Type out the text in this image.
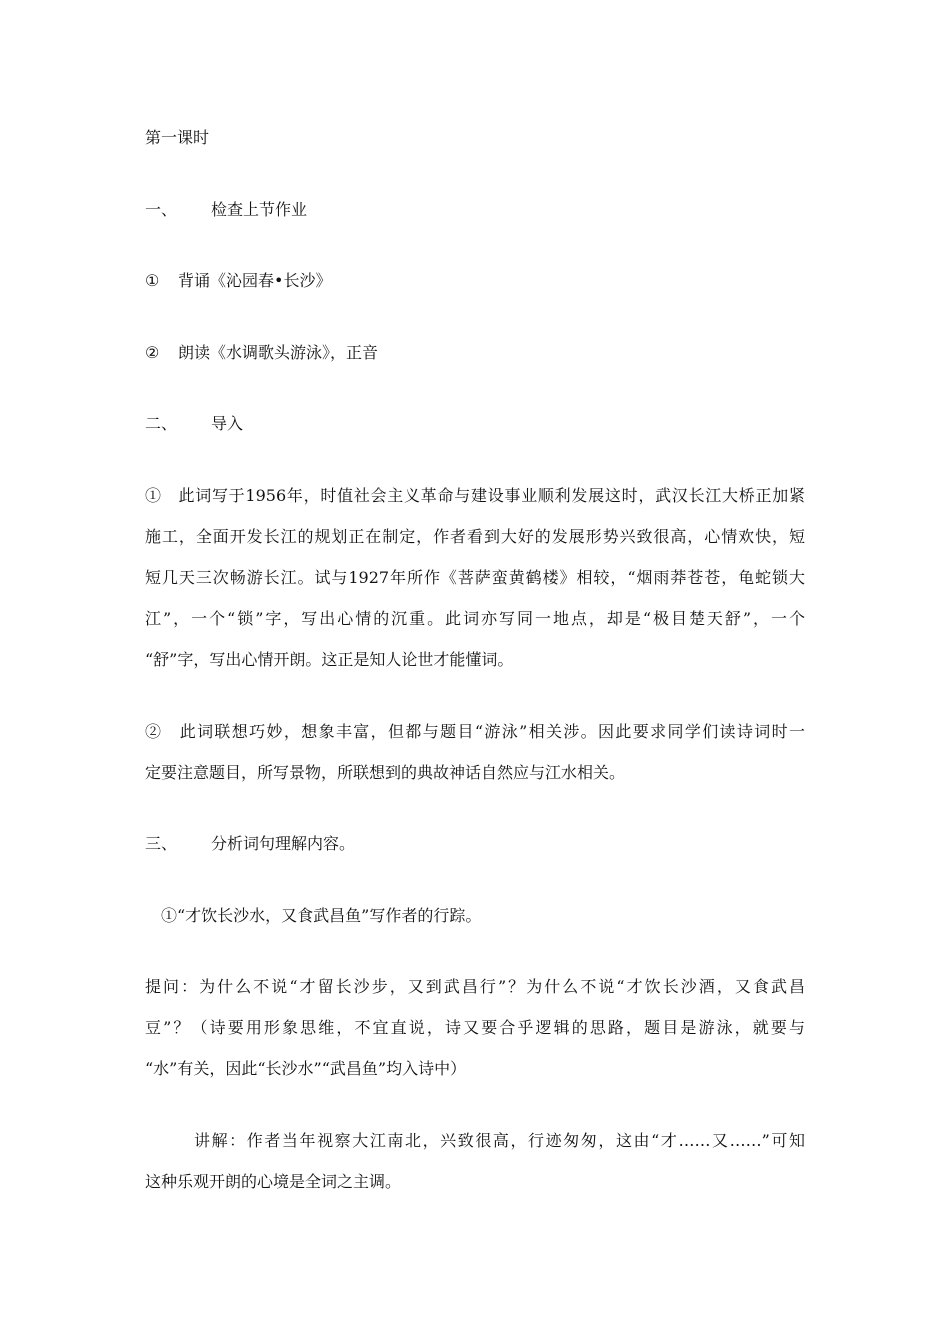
第一课时
一、 检查上节作业
① 背诵《沁园春•长沙》
② 朗读《水调歌头游泳》，正音
二、 导入
①　此词写于1956年，时值社会主义革命与建设事业顺利发展这时，武汉长江大桥正加紧
施工，全面开发长江的规划正在制定，作者看到大好的发展形势兴致很高，心情欢快，短
短几天三次畅游长江。试与1927年所作《菩萨蛮黄鹤楼》相较，“烟雨莽苍苍，龟蛇锁大
江”，一个“锁”字，写出心情的沉重。此词亦写同一地点，却是“极目楚天舒”，一个
“舒”字，写出心情开朗。这正是知人论世才能懂词。
②　此词联想巧妙，想象丰富，但都与题目“游泳”相关涉。因此要求同学们读诗词时一
定要注意题目，所写景物，所联想到的典故神话自然应与江水相关。
三、 分析词句理解内容。
①“才饮长沙水，又食武昌鱼”写作者的行踪。
提问：为什么不说“才留长沙步，又到武昌行”？为什么不说“才饮长沙酒，又食武昌
豆”？（诗要用形象思维，不宜直说，诗又要合乎逻辑的思路，题目是游泳，就要与
“水”有关，因此“长沙水”“武昌鱼”均入诗中）
讲解：作者当年视察大江南北，兴致很高，行迹匆匆，这由“才……又……”可知
这种乐观开朗的心境是全词之主调。
